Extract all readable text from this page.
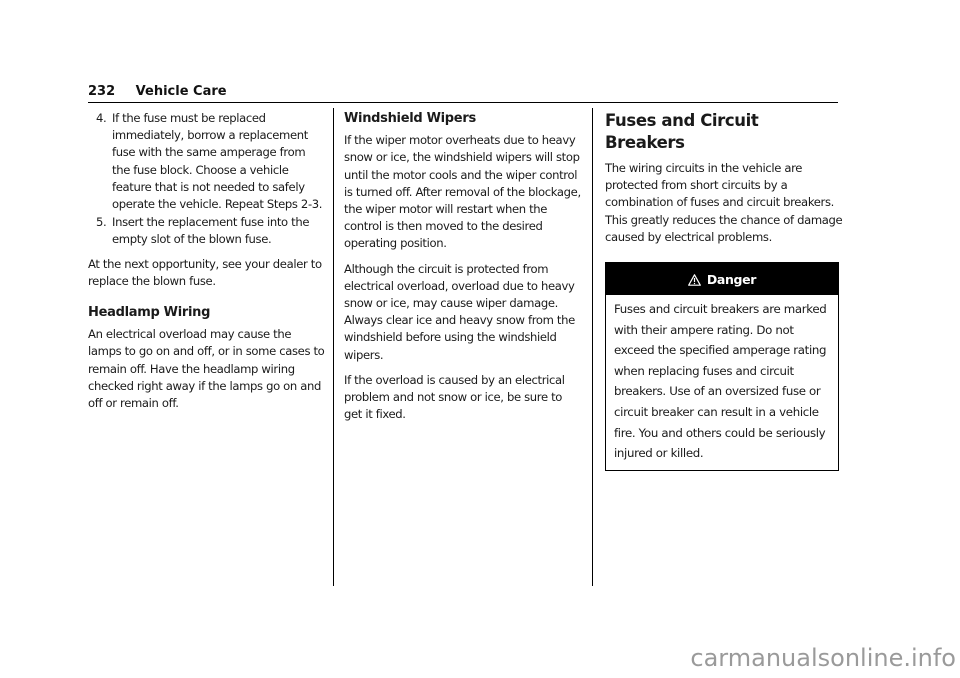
232 Vehicle Care
4. If the fuse must be replaced immediately, borrow a replacement fuse with the same amperage from the fuse block. Choose a vehicle feature that is not needed to safely operate the vehicle. Repeat Steps 2-3.
5. Insert the replacement fuse into the empty slot of the blown fuse.

At the next opportunity, see your dealer to replace the blown fuse.

Headlamp Wiring

An electrical overload may cause the lamps to go on and off, or in some cases to remain off. Have the headlamp wiring checked right away if the lamps go on and off or remain off.

Windshield Wipers

If the wiper motor overheats due to heavy snow or ice, the windshield wipers will stop until the motor cools and the wiper control is turned off. After removal of the blockage, the wiper motor will restart when the control is then moved to the desired operating position.

Although the circuit is protected from electrical overload, overload due to heavy snow or ice, may cause wiper damage. Always clear ice and heavy snow from the windshield before using the windshield wipers.

If the overload is caused by an electrical problem and not snow or ice, be sure to get it fixed.

Fuses and Circuit Breakers

The wiring circuits in the vehicle are protected from short circuits by a combination of fuses and circuit breakers. This greatly reduces the chance of damage caused by electrical problems.

Danger
Fuses and circuit breakers are marked with their ampere rating. Do not exceed the specified amperage rating when replacing fuses and circuit breakers. Use of an oversized fuse or circuit breaker can result in a vehicle fire. You and others could be seriously injured or killed.
carmanualsonline.info
